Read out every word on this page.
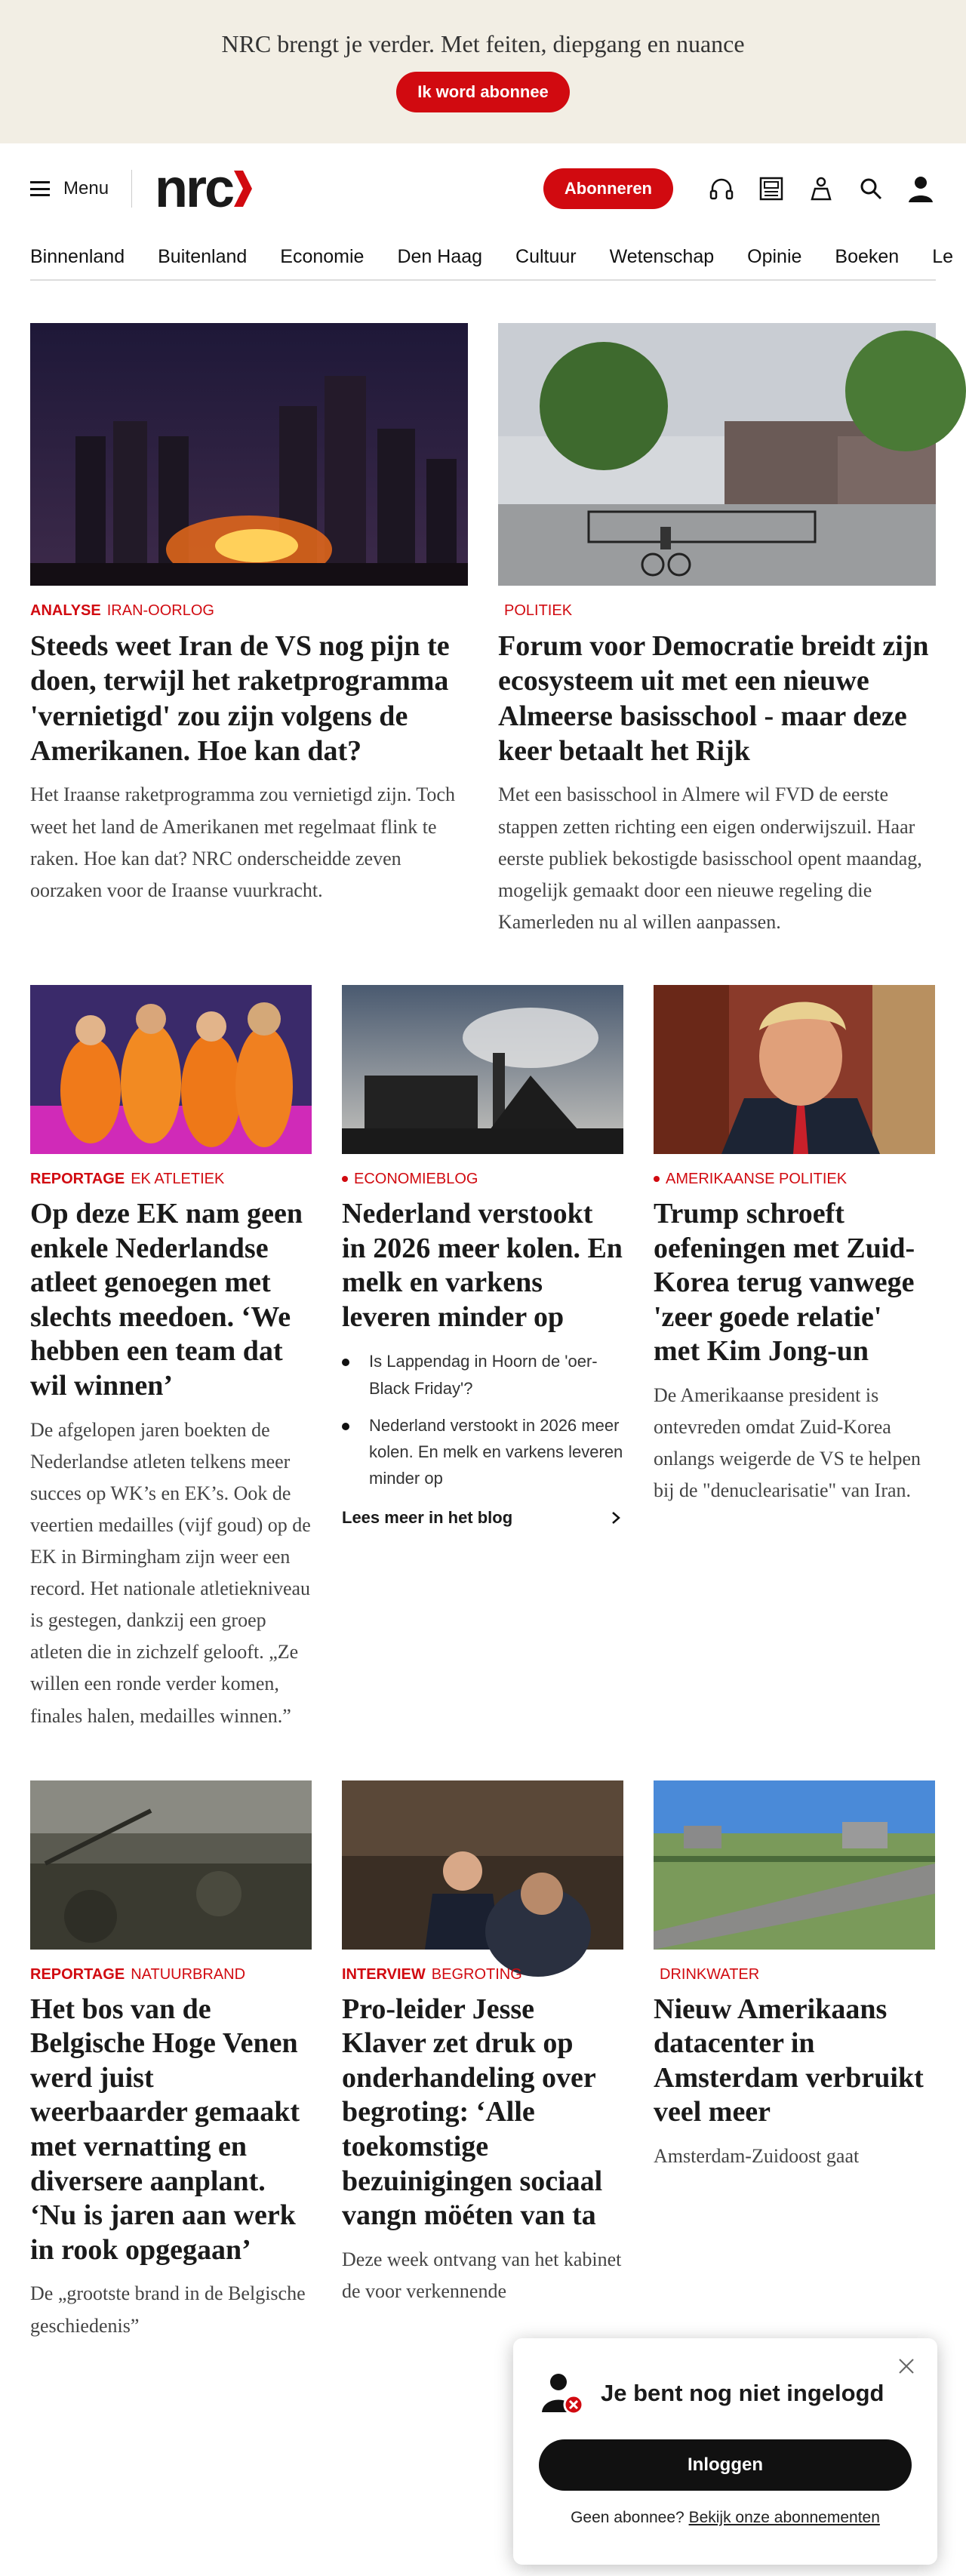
NRC brengt je verder. Met feiten, diepgang en nuance
Ik word abonnee
Menu nrc	Abonneren
Binnenland Buitenland Economie Den Haag Cultuur Wetenschap Opinie Boeken Le
ANALYSE IRAN-OORLOG
Steeds weet Iran de VS nog pijn te doen, terwijl het raketprogramma 'vernietigd' zou zijn volgens de Amerikanen. Hoe kan dat?
Het Iraanse raketprogramma zou vernietigd zijn. Toch weet het land de Amerikanen met regelmaat flink te raken. Hoe kan dat? NRC onderscheidde zeven oorzaken voor de Iraanse vuurkracht.
POLITIEK
Forum voor Democratie breidt zijn ecosysteem uit met een nieuwe Almeerse basisschool - maar deze keer betaalt het Rijk
Met een basisschool in Almere wil FVD de eerste stappen zetten richting een eigen onderwijszuil. Haar eerste publiek bekostigde basisschool opent maandag, mogelijk gemaakt door een nieuwe regeling die Kamerleden nu al willen aanpassen.
REPORTAGE EK ATLETIEK
Op deze EK nam geen enkele Nederlandse atleet genoegen met slechts meedoen. ‘We hebben een team dat wil winnen’
De afgelopen jaren boekten de Nederlandse atleten telkens meer succes op WK’s en EK’s. Ook de veertien medailles (vijf goud) op de EK in Birmingham zijn weer een record. Het nationale atletiekniveau is gestegen, dankzij een groep atleten die in zichzelf gelooft. „Ze willen een ronde verder komen, finales halen, medailles winnen.”
ECONOMIEBLOG
Nederland verstookt in 2026 meer kolen. En melk en varkens leveren minder op
Is Lappendag in Hoorn de 'oer-Black Friday'?
Nederland verstookt in 2026 meer kolen. En melk en varkens leveren minder op
Lees meer in het blog
AMERIKAANSE POLITIEK
Trump schroeft oefeningen met Zuid-Korea terug vanwege 'zeer goede relatie' met Kim Jong-un
De Amerikaanse president is ontevreden omdat Zuid-Korea onlangs weigerde de VS te helpen bij de "denuclearisatie" van Iran.
REPORTAGE NATUURBRAND
Het bos van de Belgische Hoge Venen werd juist weerbaarder gemaakt met vernatting en diversere aanplant. ‘Nu is jaren aan werk in rook opgegaan’
De „grootste brand in de Belgische geschiedenis”
INTERVIEW BEGROTING
Pro-leider Jesse Klaver zet druk op onderhandeling over begroting: ‘Alle toekomstige bezuinigingen sociaal vangn möéten van ta
Deze week ontvang van het kabinet de voor verkennende
DRINKWATER
Nieuw Amerikaans datacenter in Amsterdam verbruikt veel meer
Amsterdam-Zuidoost gaat
Je bent nog niet ingelogd
Inloggen
Geen abonnee? Bekijk onze abonnementen
